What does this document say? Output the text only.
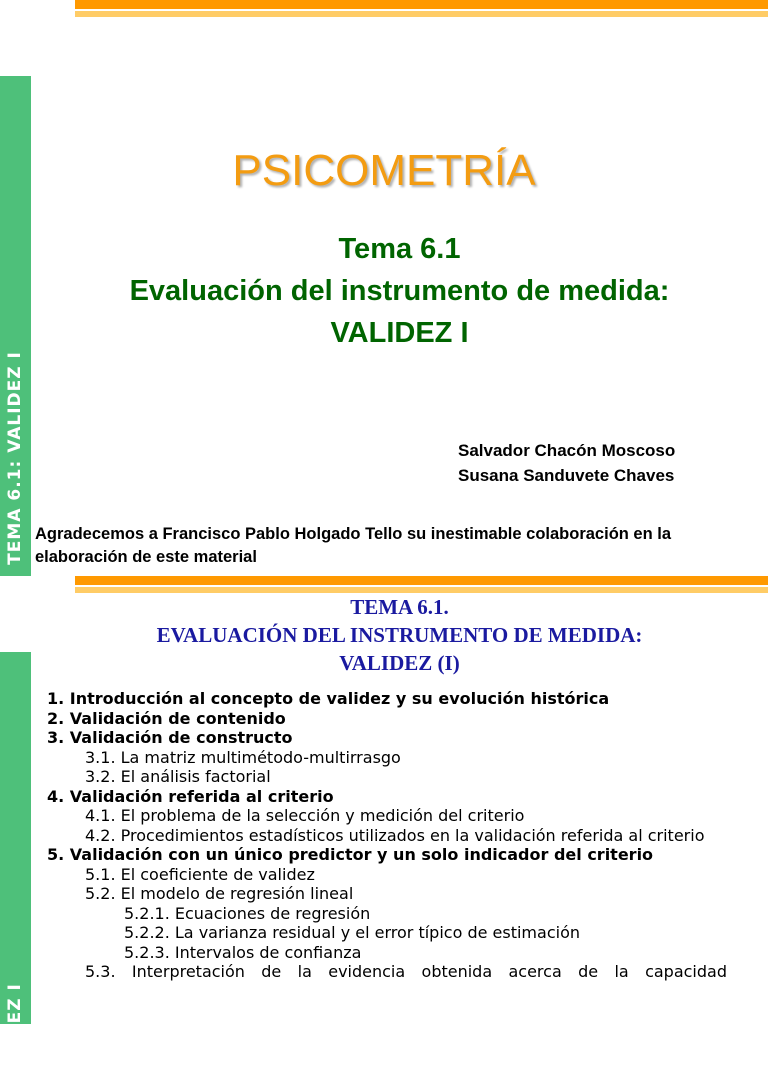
TEMA 6.1: VALIDEZ I
PSICOMETRÍA
Tema 6.1
Evaluación del instrumento de medida:
VALIDEZ I
Salvador Chacón Moscoso
Susana Sanduvete Chaves
Agradecemos a Francisco Pablo Holgado Tello su inestimable colaboración en la elaboración de este material
VALIDEZ I
TEMA 6.1.
EVALUACIÓN DEL INSTRUMENTO DE MEDIDA:
VALIDEZ (I)
1. Introducción al concepto de validez y su evolución histórica
2. Validación de contenido
3. Validación de constructo
3.1. La matriz multimétodo-multirrasgo
3.2. El análisis factorial
4. Validación referida al criterio
4.1. El problema de la selección y medición del criterio
4.2. Procedimientos estadísticos utilizados en la validación referida al criterio
5. Validación con un único predictor y un solo indicador del criterio
5.1. El coeficiente de validez
5.2. El modelo de regresión lineal
5.2.1. Ecuaciones de regresión
5.2.2. La varianza residual y el error típico de estimación
5.2.3. Intervalos de confianza
5.3. Interpretación de la evidencia obtenida acerca de la capacidad
